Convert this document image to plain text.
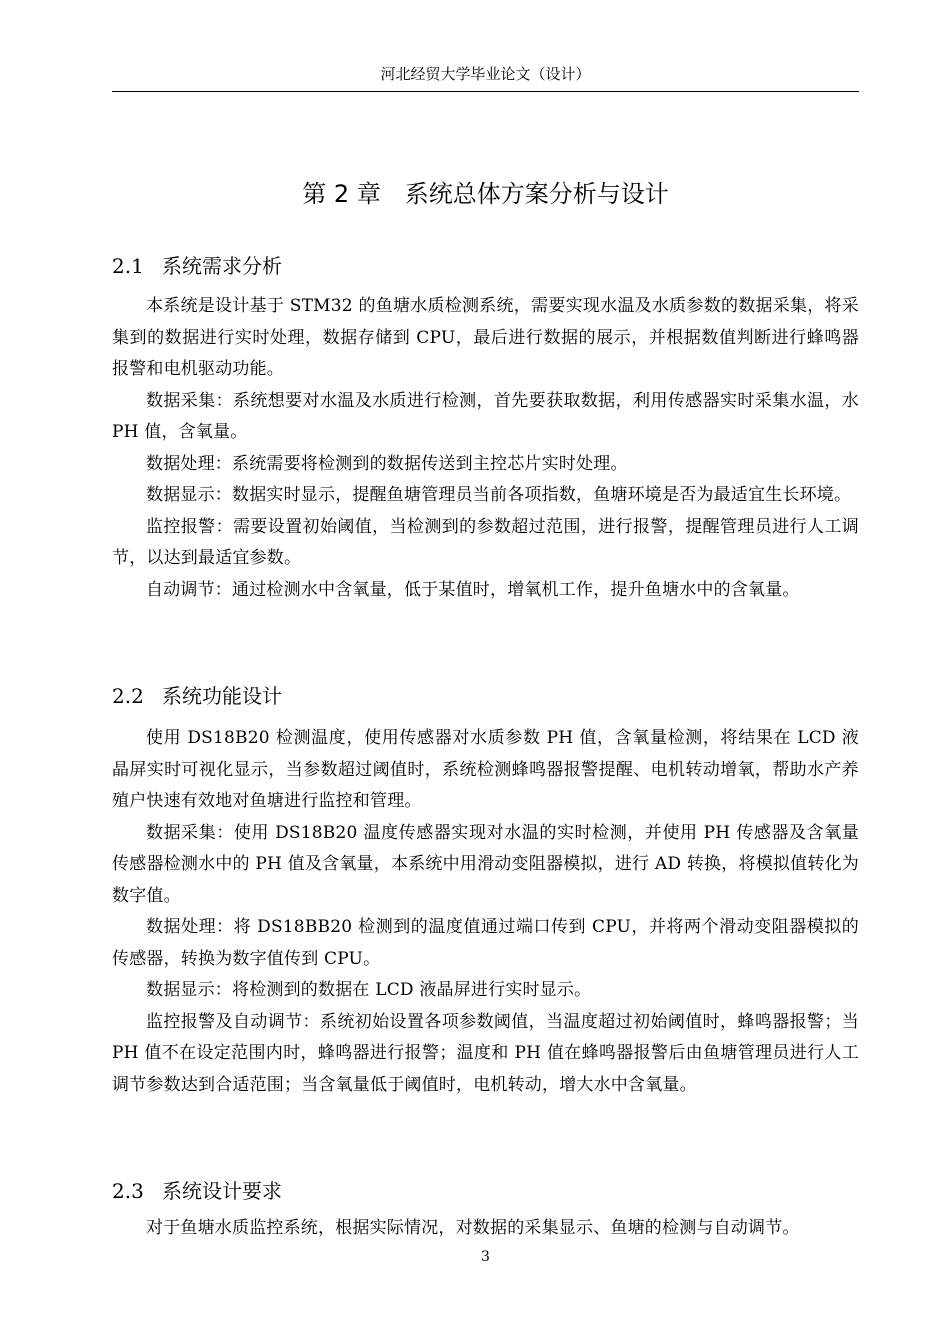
河北经贸大学毕业论文（设计）
第 2 章 系统总体方案分析与设计
2.1 系统需求分析

本系统是设计基于 STM32 的鱼塘水质检测系统，需要实现水温及水质参数的数据采集，将采集到的数据进行实时处理，数据存储到 CPU，最后进行数据的展示，并根据数值判断进行蜂鸣器报警和电机驱动功能。

数据采集：系统想要对水温及水质进行检测，首先要获取数据，利用传感器实时采集水温，水 PH 值，含氧量。

数据处理：系统需要将检测到的数据传送到主控芯片实时处理。

数据显示：数据实时显示，提醒鱼塘管理员当前各项指数，鱼塘环境是否为最适宜生长环境。

监控报警：需要设置初始阈值，当检测到的参数超过范围，进行报警，提醒管理员进行人工调节，以达到最适宜参数。

自动调节：通过检测水中含氧量，低于某值时，增氧机工作，提升鱼塘水中的含氧量。

2.2 系统功能设计

使用 DS18B20 检测温度，使用传感器对水质参数 PH 值，含氧量检测，将结果在 LCD 液晶屏实时可视化显示，当参数超过阈值时，系统检测蜂鸣器报警提醒、电机转动增氧，帮助水产养殖户快速有效地对鱼塘进行监控和管理。

数据采集：使用 DS18B20 温度传感器实现对水温的实时检测，并使用 PH 传感器及含氧量传感器检测水中的 PH 值及含氧量，本系统中用滑动变阻器模拟，进行 AD 转换，将模拟值转化为数字值。

数据处理：将 DS18BB20 检测到的温度值通过端口传到 CPU，并将两个滑动变阻器模拟的传感器，转换为数字值传到 CPU。

数据显示：将检测到的数据在 LCD 液晶屏进行实时显示。

监控报警及自动调节：系统初始设置各项参数阈值，当温度超过初始阈值时，蜂鸣器报警；当 PH 值不在设定范围内时，蜂鸣器进行报警；温度和 PH 值在蜂鸣器报警后由鱼塘管理员进行人工调节参数达到合适范围；当含氧量低于阈值时，电机转动，增大水中含氧量。

2.3 系统设计要求

对于鱼塘水质监控系统，根据实际情况，对数据的采集显示、鱼塘的检测与自动调节。

3
